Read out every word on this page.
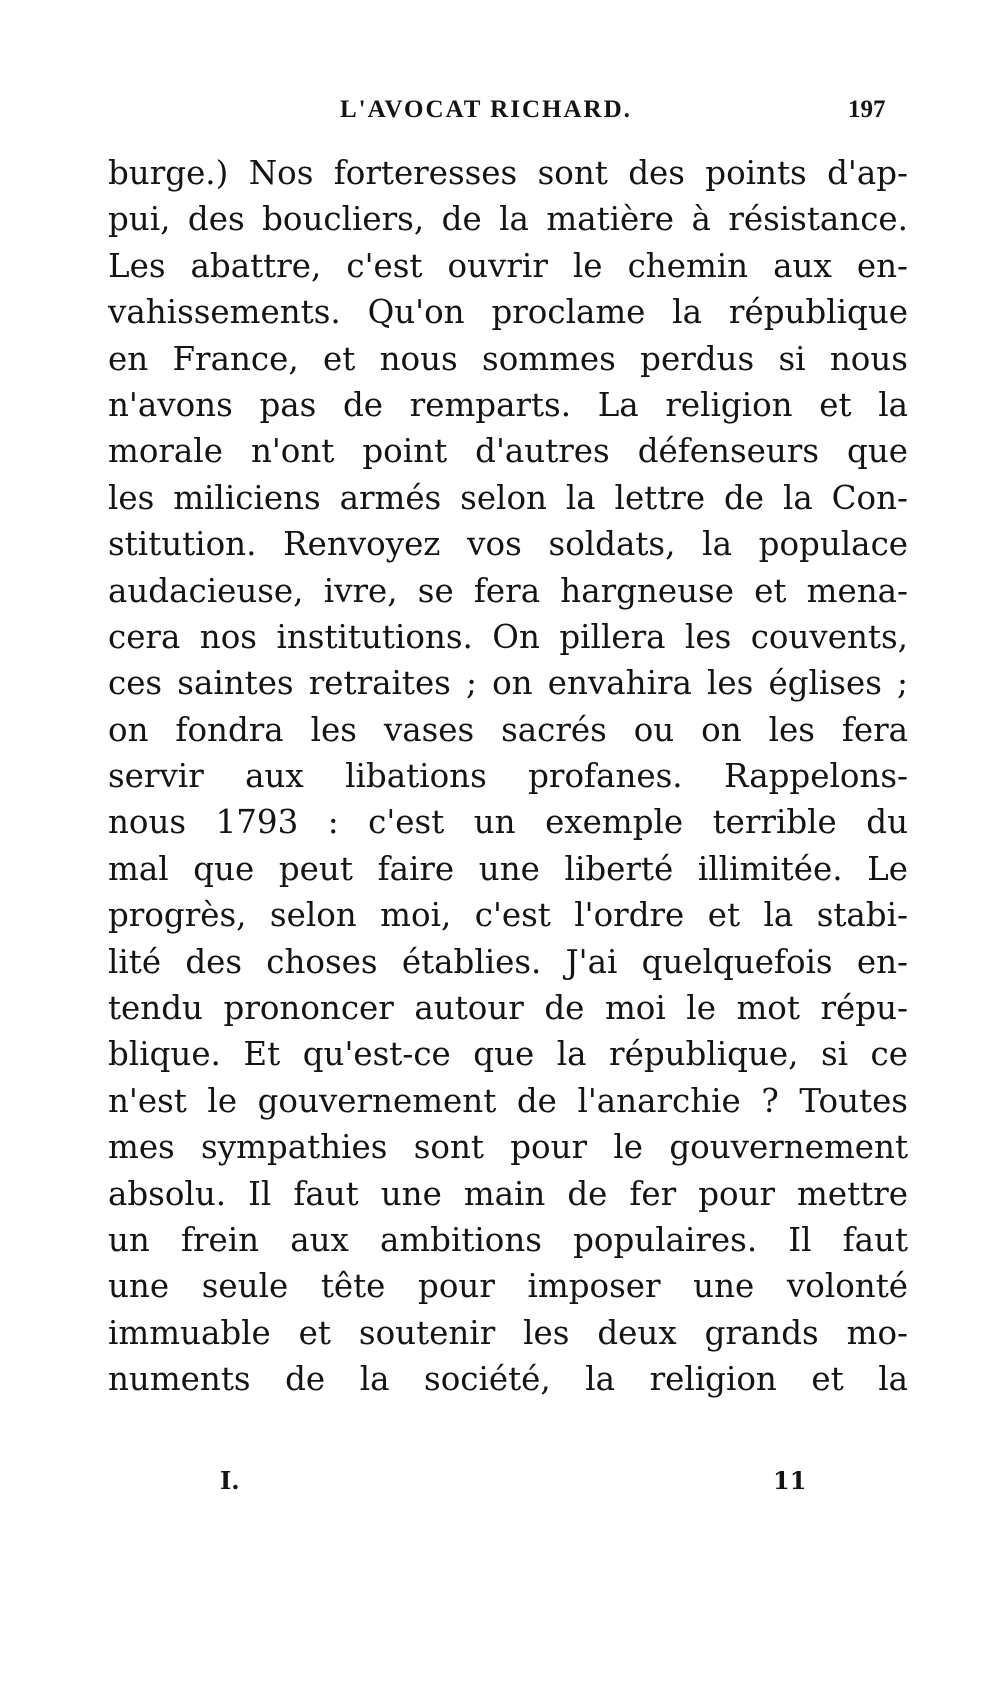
L'AVOCAT RICHARD.	197
burge.) Nos forteresses sont des points d'ap-
pui, des boucliers, de la matière à résistance.
Les abattre, c'est ouvrir le chemin aux en-
vahissements. Qu'on proclame la république
en France, et nous sommes perdus si nous
n'avons pas de remparts. La religion et la
morale n'ont point d'autres défenseurs que
les miliciens armés selon la lettre de la Con-
stitution. Renvoyez vos soldats, la populace
audacieuse, ivre, se fera hargneuse et mena-
cera nos institutions. On pillera les couvents,
ces saintes retraites ; on envahira les églises ;
on fondra les vases sacrés ou on les fera
servir aux libations profanes. Rappelons-
nous 1793 : c'est un exemple terrible du
mal que peut faire une liberté illimitée. Le
progrès, selon moi, c'est l'ordre et la stabi-
lité des choses établies. J'ai quelquefois en-
tendu prononcer autour de moi le mot répu-
blique. Et qu'est-ce que la république, si ce
n'est le gouvernement de l'anarchie ? Toutes
mes sympathies sont pour le gouvernement
absolu. Il faut une main de fer pour mettre
un frein aux ambitions populaires. Il faut
une seule tête pour imposer une volonté
immuable et soutenir les deux grands mo-
numents de la société, la religion et la
I.	11
